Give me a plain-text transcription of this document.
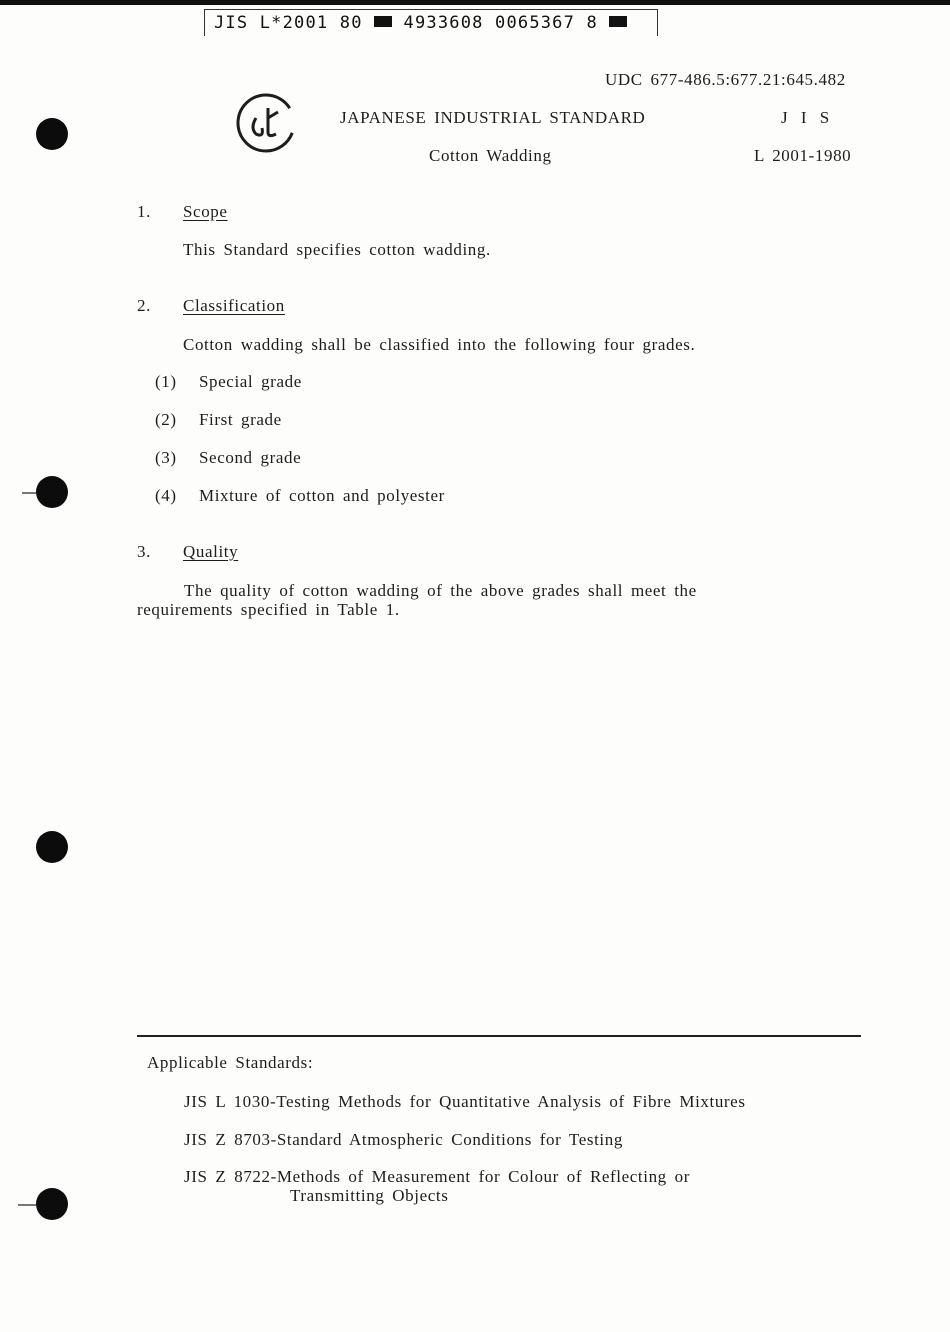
JIS L*2001 80 4933608 0065367 8
UDC 677-486.5:677.21:645.482
J I S
L 2001-1980
JAPANESE INDUSTRIAL STANDARD
Cotton Wadding
1. Scope
This Standard specifies cotton wadding.
2. Classification
Cotton wadding shall be classified into the following four grades.
(1) Special grade
(2) First grade
(3) Second grade
(4) Mixture of cotton and polyester
3. Quality
The quality of cotton wadding of the above grades shall meet the
requirements specified in Table 1.
Applicable Standards:
JIS L 1030-Testing Methods for Quantitative Analysis of Fibre Mixtures
JIS Z 8703-Standard Atmospheric Conditions for Testing
JIS Z 8722-Methods of Measurement for Colour of Reflecting or
Transmitting Objects
